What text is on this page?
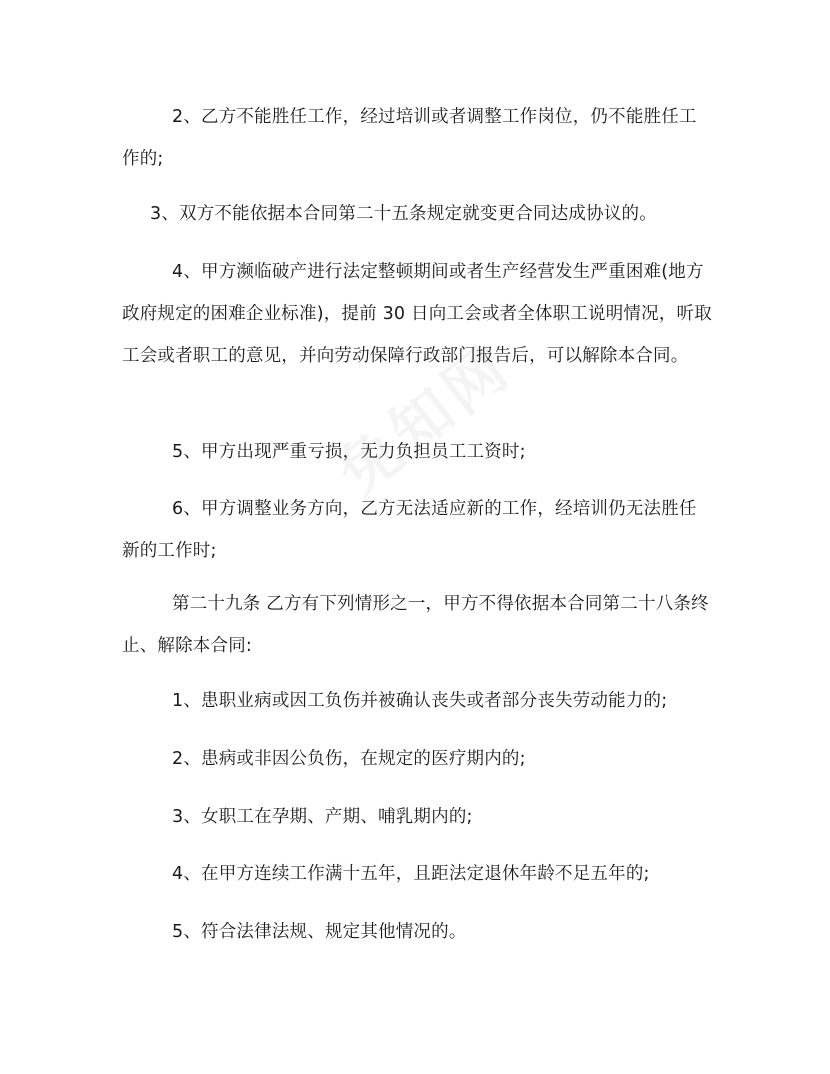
2、乙方不能胜任工作，经过培训或者调整工作岗位，仍不能胜任工作的;

3、双方不能依据本合同第二十五条规定就变更合同达成协议的。

4、甲方濒临破产进行法定整顿期间或者生产经营发生严重困难(地方政府规定的困难企业标准)，提前 30 日向工会或者全体职工说明情况，听取工会或者职工的意见，并向劳动保障行政部门报告后，可以解除本合同。

5、甲方出现严重亏损，无力负担员工工资时;

6、甲方调整业务方向，乙方无法适应新的工作，经培训仍无法胜任新的工作时;

第二十九条 乙方有下列情形之一，甲方不得依据本合同第二十八条终止、解除本合同:

1、患职业病或因工负伤并被确认丧失或者部分丧失劳动能力的;

2、患病或非因公负伤，在规定的医疗期内的;

3、女职工在孕期、产期、哺乳期内的;

4、在甲方连续工作满十五年，且距法定退休年龄不足五年的;

5、符合法律法规、规定其他情况的。
